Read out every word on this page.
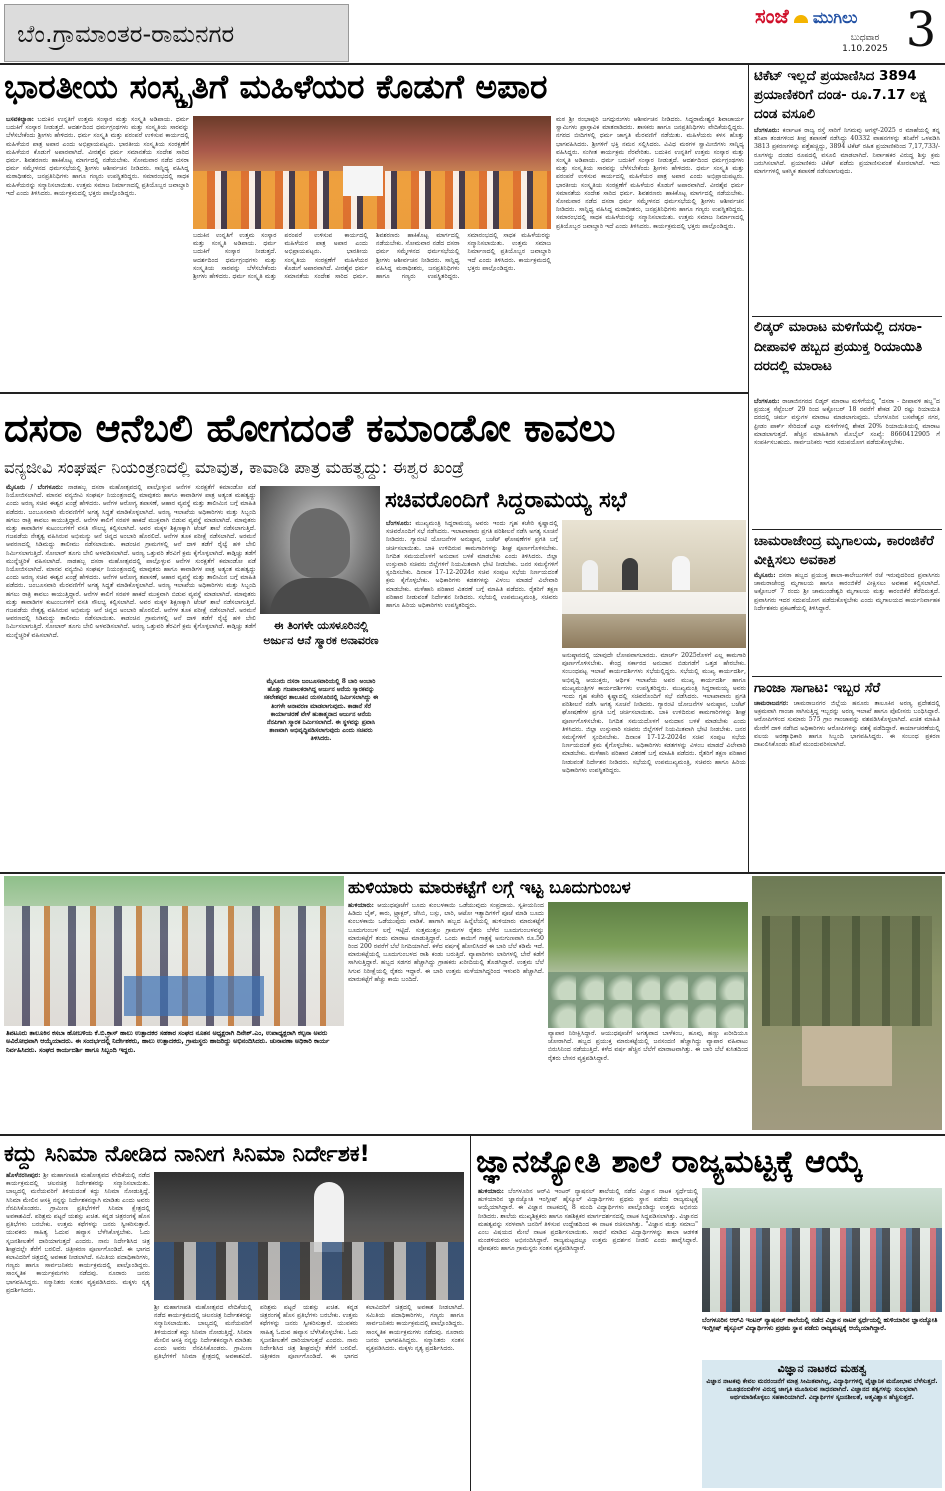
ಬೆಂ.ಗ್ರಾಮಾಂತರ-ರಾಮನಗರ
ಸಂಜೆ ಮುಗಿಲು
ಬುಧವಾರ
1.10.2025 3
ಭಾರತೀಯ ಸಂಸ್ಕೃತಿಗೆ ಮಹಿಳೆಯರ ಕೊಡುಗೆ ಅಪಾರ
ಬಸವಕಲ್ಯಾಣ: ಬದುಕಿನ ಉನ್ನತಿಗೆ ಉತ್ತಮ ಸಂಸ್ಕಾರ ಮತ್ತು ಸಂಸ್ಕೃತಿ ಅಡಿಪಾಯ. ಧರ್ಮ ಬದುಕಿಗೆ ಸಂಸ್ಕಾರ ನೀಡುತ್ತದೆ. ಆದರ್ಶದಿಂದ ಧರ್ಮಗ್ರಂಥಗಳು ಮತ್ತು ಸಂಸ್ಕೃತಿಯ ಸಾರವನ್ನು ಬೆಳೆಸಬೇಕೆಂದು ಶ್ರೀಗಳು ಹೇಳಿದರು. ಧರ್ಮ ಸಂಸ್ಕೃತಿ ಮತ್ತು ಪರಂಪರೆ ಉಳಿಸುವ ಕಾರ್ಯದಲ್ಲಿ ಮಹಿಳೆಯರ ಪಾತ್ರ ಅಪಾರ ಎಂದು ಅಭಿಪ್ರಾಯಪಟ್ಟರು. ಭಾರತೀಯ ಸಂಸ್ಕೃತಿಯ ಸಂರಕ್ಷಣೆಗೆ ಮಹಿಳೆಯರ ಕೊಡುಗೆ ಅಪಾರವಾಗಿದೆ. ವೀರಶೈವ ಧರ್ಮ ಸಮಾನತೆಯ ಸಂದೇಶ ಸಾರಿದ ಧರ್ಮ. ಶಿವಶರಣರು ಹಾಕಿಕೊಟ್ಟ ಮಾರ್ಗದಲ್ಲಿ ನಡೆಯಬೇಕು. ಸೋಮವಾರ ನಡೆದ ದಸರಾ ಧರ್ಮ ಸಮ್ಮೇಳನದ ಧರ್ಮಸಭೆಯಲ್ಲಿ ಶ್ರೀಗಳು ಆಶೀರ್ವಚನ ನೀಡಿದರು. ಸಾನ್ನಿಧ್ಯ ವಹಿಸಿದ್ದ ಮಠಾಧೀಶರು, ಜನಪ್ರತಿನಿಧಿಗಳು ಹಾಗೂ ಗಣ್ಯರು ಉಪಸ್ಥಿತರಿದ್ದರು. ಸಮಾರಂಭದಲ್ಲಿ ಸಾಧಕ ಮಹಿಳೆಯರನ್ನು ಸನ್ಮಾನಿಸಲಾಯಿತು. ಉತ್ತಮ ಸಮಾಜ ನಿರ್ಮಾಣದಲ್ಲಿ ಪ್ರತಿಯೊಬ್ಬರ ಜವಾಬ್ದಾರಿ ಇದೆ ಎಂದು ತಿಳಿಸಿದರು. ಕಾರ್ಯಕ್ರಮದಲ್ಲಿ ಭಕ್ತರು ಪಾಲ್ಗೊಂಡಿದ್ದರು.
ಬದುಕಿನ ಉನ್ನತಿಗೆ ಉತ್ತಮ ಸಂಸ್ಕಾರ ಮತ್ತು ಸಂಸ್ಕೃತಿ ಅಡಿಪಾಯ. ಧರ್ಮ ಬದುಕಿಗೆ ಸಂಸ್ಕಾರ ನೀಡುತ್ತದೆ. ಆದರ್ಶದಿಂದ ಧರ್ಮಗ್ರಂಥಗಳು ಮತ್ತು ಸಂಸ್ಕೃತಿಯ ಸಾರವನ್ನು ಬೆಳೆಸಬೇಕೆಂದು ಶ್ರೀಗಳು ಹೇಳಿದರು. ಧರ್ಮ ಸಂಸ್ಕೃತಿ ಮತ್ತು ಪರಂಪರೆ ಉಳಿಸುವ ಕಾರ್ಯದಲ್ಲಿ ಮಹಿಳೆಯರ ಪಾತ್ರ ಅಪಾರ ಎಂದು ಅಭಿಪ್ರಾಯಪಟ್ಟರು. ಭಾರತೀಯ ಸಂಸ್ಕೃತಿಯ ಸಂರಕ್ಷಣೆಗೆ ಮಹಿಳೆಯರ ಕೊಡುಗೆ ಅಪಾರವಾಗಿದೆ. ವೀರಶೈವ ಧರ್ಮ ಸಮಾನತೆಯ ಸಂದೇಶ ಸಾರಿದ ಧರ್ಮ. ಶಿವಶರಣರು ಹಾಕಿಕೊಟ್ಟ ಮಾರ್ಗದಲ್ಲಿ ನಡೆಯಬೇಕು. ಸೋಮವಾರ ನಡೆದ ದಸರಾ ಧರ್ಮ ಸಮ್ಮೇಳನದ ಧರ್ಮಸಭೆಯಲ್ಲಿ ಶ್ರೀಗಳು ಆಶೀರ್ವಚನ ನೀಡಿದರು. ಸಾನ್ನಿಧ್ಯ ವಹಿಸಿದ್ದ ಮಠಾಧೀಶರು, ಜನಪ್ರತಿನಿಧಿಗಳು ಹಾಗೂ ಗಣ್ಯರು ಉಪಸ್ಥಿತರಿದ್ದರು. ಸಮಾರಂಭದಲ್ಲಿ ಸಾಧಕ ಮಹಿಳೆಯರನ್ನು ಸನ್ಮಾನಿಸಲಾಯಿತು. ಉತ್ತಮ ಸಮಾಜ ನಿರ್ಮಾಣದಲ್ಲಿ ಪ್ರತಿಯೊಬ್ಬರ ಜವಾಬ್ದಾರಿ ಇದೆ ಎಂದು ತಿಳಿಸಿದರು. ಕಾರ್ಯಕ್ರಮದಲ್ಲಿ ಭಕ್ತರು ಪಾಲ್ಗೊಂಡಿದ್ದರು.
ಮಠ ಶ್ರೀ ರಂಭಾಪುರಿ ಜಗದ್ಗುರುಗಳು ಆಶೀರ್ವಚನ ನೀಡಿದರು. ಸಿದ್ದರಾಮೇಶ್ವರ ಶಿವಾಚಾರ್ಯ ಸ್ವಾಮಿಗಳು ಪ್ರಾಸ್ತಾವಿಕ ಮಾತನಾಡಿದರು. ಶಾಸಕರು ಹಾಗೂ ಜನಪ್ರತಿನಿಧಿಗಳು ವೇದಿಕೆಯಲ್ಲಿದ್ದರು. ನಗರದ ಬೀದಿಗಳಲ್ಲಿ ಧರ್ಮ ಜಾಗೃತಿ ಮೆರವಣಿಗೆ ನಡೆಯಿತು. ಮಹಿಳೆಯರು ಕಳಸ ಹೊತ್ತು ಭಾಗವಹಿಸಿದರು. ಶ್ರೀಗಳಿಗೆ ಭಕ್ತಿ ನಮನ ಸಲ್ಲಿಸಿದರು. ವಿವಿಧ ಮಠಗಳ ಸ್ವಾಮೀಜಿಗಳು ಸಾನ್ನಿಧ್ಯ ವಹಿಸಿದ್ದರು. ಸಂಗೀತ ಕಾರ್ಯಕ್ರಮ ನೆರವೇರಿತು. ಬದುಕಿನ ಉನ್ನತಿಗೆ ಉತ್ತಮ ಸಂಸ್ಕಾರ ಮತ್ತು ಸಂಸ್ಕೃತಿ ಅಡಿಪಾಯ. ಧರ್ಮ ಬದುಕಿಗೆ ಸಂಸ್ಕಾರ ನೀಡುತ್ತದೆ. ಆದರ್ಶದಿಂದ ಧರ್ಮಗ್ರಂಥಗಳು ಮತ್ತು ಸಂಸ್ಕೃತಿಯ ಸಾರವನ್ನು ಬೆಳೆಸಬೇಕೆಂದು ಶ್ರೀಗಳು ಹೇಳಿದರು. ಧರ್ಮ ಸಂಸ್ಕೃತಿ ಮತ್ತು ಪರಂಪರೆ ಉಳಿಸುವ ಕಾರ್ಯದಲ್ಲಿ ಮಹಿಳೆಯರ ಪಾತ್ರ ಅಪಾರ ಎಂದು ಅಭಿಪ್ರಾಯಪಟ್ಟರು. ಭಾರತೀಯ ಸಂಸ್ಕೃತಿಯ ಸಂರಕ್ಷಣೆಗೆ ಮಹಿಳೆಯರ ಕೊಡುಗೆ ಅಪಾರವಾಗಿದೆ. ವೀರಶೈವ ಧರ್ಮ ಸಮಾನತೆಯ ಸಂದೇಶ ಸಾರಿದ ಧರ್ಮ. ಶಿವಶರಣರು ಹಾಕಿಕೊಟ್ಟ ಮಾರ್ಗದಲ್ಲಿ ನಡೆಯಬೇಕು. ಸೋಮವಾರ ನಡೆದ ದಸರಾ ಧರ್ಮ ಸಮ್ಮೇಳನದ ಧರ್ಮಸಭೆಯಲ್ಲಿ ಶ್ರೀಗಳು ಆಶೀರ್ವಚನ ನೀಡಿದರು. ಸಾನ್ನಿಧ್ಯ ವಹಿಸಿದ್ದ ಮಠಾಧೀಶರು, ಜನಪ್ರತಿನಿಧಿಗಳು ಹಾಗೂ ಗಣ್ಯರು ಉಪಸ್ಥಿತರಿದ್ದರು. ಸಮಾರಂಭದಲ್ಲಿ ಸಾಧಕ ಮಹಿಳೆಯರನ್ನು ಸನ್ಮಾನಿಸಲಾಯಿತು. ಉತ್ತಮ ಸಮಾಜ ನಿರ್ಮಾಣದಲ್ಲಿ ಪ್ರತಿಯೊಬ್ಬರ ಜವಾಬ್ದಾರಿ ಇದೆ ಎಂದು ತಿಳಿಸಿದರು. ಕಾರ್ಯಕ್ರಮದಲ್ಲಿ ಭಕ್ತರು ಪಾಲ್ಗೊಂಡಿದ್ದರು.
ಟಿಕೆಟ್ ಇಲ್ಲದೆ ಪ್ರಯಾಣಿಸಿದ 3894 ಪ್ರಯಾಣಿಕರಿಗೆ ದಂಡ- ರೂ.7.17 ಲಕ್ಷ ದಂಡ ವಸೂಲಿ
ಬೆಂಗಳೂರು: ಕರ್ನಾಟಕ ರಾಜ್ಯ ರಸ್ತೆ ಸಾರಿಗೆ ನಿಗಮವು ಆಗಸ್ಟ್-2025 ರ ಮಾಹೆಯಲ್ಲಿ ತನ್ನ ತನಿಖಾ ತಂಡಗಳಿಂದ ತೀವ್ರ ತಪಾಸಣೆ ನಡೆಸಿದ್ದು 40332 ವಾಹನಗಳನ್ನು ತನಿಖೆಗೆ ಒಳಪಡಿಸಿ 3813 ಪ್ರಕರಣಗಳನ್ನು ಪತ್ತೆಹಚ್ಚಿದ್ದು, 3894 ಟಿಕೆಟ್ ರಹಿತ ಪ್ರಯಾಣಿಕರಿಂದ 7,17,733/-ರೂಗಳನ್ನು ದಂಡದ ರೂಪದಲ್ಲಿ ವಸೂಲಿ ಮಾಡಲಾಗಿದೆ. ನಿರ್ವಾಹಕರ ವಿರುದ್ಧ ಶಿಸ್ತು ಕ್ರಮ ಜರುಗಿಸಲಾಗಿದೆ. ಪ್ರಯಾಣಿಕರು ಟಿಕೆಟ್ ಪಡೆದು ಪ್ರಯಾಣಿಸುವಂತೆ ಕೋರಲಾಗಿದೆ. ಇದು ಮಾರ್ಗಗಳಲ್ಲಿ ಅಕಸ್ಮಿಕ ತಪಾಸಣೆ ನಡೆಸಲಾಗುವುದು.
ಲಿಡ್ಕರ್ ಮಾರಾಟ ಮಳಿಗೆಯಲ್ಲಿ ದಸರಾ-ದೀಪಾವಳಿ ಹಬ್ಬದ ಪ್ರಯುಕ್ತ ರಿಯಾಯಿತಿ ದರದಲ್ಲಿ ಮಾರಾಟ
ಬೆಂಗಳೂರು: ರಾಜಾಜಿನಗರದ ಲಿಡ್ಕರ್ ಮಾರಾಟ ಮಳಿಗೆಯಲ್ಲಿ "ದಸರಾ - ದೀಪಾವಳಿ ಹಬ್ಬ"ದ ಪ್ರಯುಕ್ತ ಸೆಪ್ಟೆಂಬರ್ 29 ರಿಂದ ಅಕ್ಟೋಬರ್ 18 ರವರೆಗೆ ಶೇಕಡ 20 ರಷ್ಟು ರಿಯಾಯಿತಿ ದರದಲ್ಲಿ ಚರ್ಮ ವಸ್ತುಗಳ ಮಾರಾಟ ಮಾಡಲಾಗುವುದು. ಬೆಂಗಳೂರಿನ ಬಸವೇಶ್ವರ ನಗರ, ಫ್ರೀಡಂ ಪಾರ್ಕ್ ಸೇರಿದಂತೆ ಎಲ್ಲಾ ಮಳಿಗೆಗಳಲ್ಲಿ ಶೇಕಡ 20% ರಿಯಾಯಿತಿಯಲ್ಲಿ ಮಾರಾಟ ಮಾಡಲಾಗುತ್ತದೆ. ಹೆಚ್ಚಿನ ಮಾಹಿತಿಗಾಗಿ ಮೊಬೈಲ್ ಸಂಖ್ಯೆ: 8660412905 ಗೆ ಸಂಪರ್ಕಿಸಬಹುದು. ಸಾರ್ವಜನಿಕರು ಇದರ ಸದುಪಯೋಗ ಪಡೆದುಕೊಳ್ಳಬೇಕು.
ಚಾಮರಾಜೇಂದ್ರ ಮೃಗಾಲಯ, ಕಾರಂಜಿಕೆರೆ ವೀಕ್ಷಿಸಲು ಅವಕಾಶ
ಮೈಸೂರು: ದಸರಾ ಹಬ್ಬದ ಪ್ರಯುಕ್ತ ಶಾಲಾ-ಕಾಲೇಜುಗಳಿಗೆ ರಜೆ ಇರುವುದರಿಂದ ಪ್ರವಾಸಿಗರು ಚಾಮರಾಜೇಂದ್ರ ಮೃಗಾಲಯ ಹಾಗೂ ಕಾರಂಜಿಕೆರೆ ವೀಕ್ಷಿಸಲು ಅವಕಾಶ ಕಲ್ಪಿಸಲಾಗಿದೆ. ಅಕ್ಟೋಬರ್ 7 ರಂದು ಶ್ರೀ ಚಾಮುಂಡೇಶ್ವರಿ ಮೃಗಾಲಯ ಮತ್ತು ಕಾರಂಜಿಕೆರೆ ತೆರೆದಿರುತ್ತದೆ. ಪ್ರವಾಸಿಗರು ಇದರ ಸದುಪಯೋಗ ಪಡೆದುಕೊಳ್ಳಬೇಕು ಎಂದು ಮೃಗಾಲಯದ ಕಾರ್ಯನಿರ್ವಾಹಕ ನಿರ್ದೇಶಕರು ಪ್ರಕಟಣೆಯಲ್ಲಿ ತಿಳಿಸಿದ್ದಾರೆ.
ಗಾಂಜಾ ಸಾಗಾಟ: ಇಬ್ಬರ ಸೆರೆ
ಚಾಮರಾಜನಗರ: ಚಾಮರಾಜನಗರ ಜಿಲ್ಲೆಯ ಹನೂರು ತಾಲೂಕಿನ ಅರಣ್ಯ ಪ್ರದೇಶದಲ್ಲಿ ಅಕ್ರಮವಾಗಿ ಗಾಂಜಾ ಸಾಗಿಸುತ್ತಿದ್ದ ಇಬ್ಬರನ್ನು ಅರಣ್ಯ ಇಲಾಖೆ ಹಾಗೂ ಪೊಲೀಸರು ಬಂಧಿಸಿದ್ದಾರೆ. ಆರೋಪಿಗಳಿಂದ ಸುಮಾರು 575 ಗ್ರಾಂ ಗಾಂಜಾವನ್ನು ವಶಪಡಿಸಿಕೊಳ್ಳಲಾಗಿದೆ. ಖಚಿತ ಮಾಹಿತಿ ಮೇರೆಗೆ ದಾಳಿ ನಡೆಸಿದ ಅಧಿಕಾರಿಗಳು ಆರೋಪಿಗಳನ್ನು ವಶಕ್ಕೆ ಪಡೆದಿದ್ದಾರೆ. ಕಾರ್ಯಾಚರಣೆಯಲ್ಲಿ ವಲಯ ಅರಣ್ಯಾಧಿಕಾರಿ ಹಾಗೂ ಸಿಬ್ಬಂದಿ ಭಾಗವಹಿಸಿದ್ದರು. ಈ ಸಂಬಂಧ ಪ್ರಕರಣ ದಾಖಲಿಸಿಕೊಂಡು ತನಿಖೆ ಮುಂದುವರಿಸಲಾಗಿದೆ.
ದಸರಾ ಆನೆಬಲಿ ಹೋಗದಂತೆ ಕಮಾಂಡೋ ಕಾವಲು
ವನ್ಯಜೀವಿ ಸಂಘರ್ಷ ನಿಯಂತ್ರಣದಲ್ಲಿ ಮಾವುತ, ಕಾವಾಡಿ ಪಾತ್ರ ಮಹತ್ವದ್ದು: ಈಶ್ವರ ಖಂಡ್ರೆ
ಮೈಸೂರು / ಬೆಂಗಳೂರು: ನಾಡಹಬ್ಬ ದಸರಾ ಮಹೋತ್ಸವದಲ್ಲಿ ಪಾಲ್ಗೊಳ್ಳುವ ಆನೆಗಳ ಸುರಕ್ಷತೆಗೆ ಕಮಾಂಡೋ ಪಡೆ ನಿಯೋಜಿಸಲಾಗಿದೆ. ಮಾನವ ವನ್ಯಜೀವಿ ಸಂಘರ್ಷ ನಿಯಂತ್ರಣದಲ್ಲಿ ಮಾವುತರು ಹಾಗೂ ಕಾವಾಡಿಗಳ ಪಾತ್ರ ಅತ್ಯಂತ ಮಹತ್ವದ್ದು ಎಂದು ಅರಣ್ಯ ಸಚಿವ ಈಶ್ವರ ಖಂಡ್ರೆ ಹೇಳಿದರು. ಆನೆಗಳ ಆರೋಗ್ಯ ತಪಾಸಣೆ, ಆಹಾರ ವ್ಯವಸ್ಥೆ ಮತ್ತು ತಾಲೀಮಿನ ಬಗ್ಗೆ ಮಾಹಿತಿ ಪಡೆದರು. ಜಂಬೂಸವಾರಿ ಮೆರವಣಿಗೆಗೆ ಅಗತ್ಯ ಸಿದ್ಧತೆ ಮಾಡಿಕೊಳ್ಳಲಾಗಿದೆ. ಅರಣ್ಯ ಇಲಾಖೆಯ ಅಧಿಕಾರಿಗಳು ಮತ್ತು ಸಿಬ್ಬಂದಿ ಹಗಲು ರಾತ್ರಿ ಕಾವಲು ಕಾಯುತ್ತಿದ್ದಾರೆ. ಆನೆಗಳ ಕಾಲಿಗೆ ಸರಪಳಿ ಹಾಕದೆ ಮುಕ್ತವಾಗಿ ಬಿಡುವ ವ್ಯವಸ್ಥೆ ಮಾಡಲಾಗಿದೆ. ಮಾವುತರು ಮತ್ತು ಕಾವಾಡಿಗಳ ಕುಟುಂಬಗಳಿಗೆ ವಸತಿ ಸೌಲಭ್ಯ ಕಲ್ಪಿಸಲಾಗಿದೆ. ಅವರ ಮಕ್ಕಳ ಶಿಕ್ಷಣಕ್ಕಾಗಿ ಟೆಂಟ್ ಶಾಲೆ ನಡೆಸಲಾಗುತ್ತಿದೆ. ಗಜಪಡೆಯ ನೇತೃತ್ವ ವಹಿಸಿರುವ ಅಭಿಮನ್ಯು ಆನೆ ಚಿನ್ನದ ಅಂಬಾರಿ ಹೊರಲಿದೆ. ಆನೆಗಳ ತೂಕ ಪರೀಕ್ಷೆ ನಡೆಸಲಾಗಿದೆ. ಅರಮನೆ ಆವರಣದಲ್ಲಿ ಸಿಡಿಮದ್ದು ತಾಲೀಮು ನಡೆಸಲಾಯಿತು. ಕಾಡಂಚಿನ ಗ್ರಾಮಗಳಲ್ಲಿ ಆನೆ ದಾಳಿ ತಡೆಗೆ ರೈಲ್ವೆ ಹಳಿ ಬೇಲಿ ನಿರ್ಮಿಸಲಾಗುತ್ತಿದೆ. ಸೋಲಾರ್ ತೂಗು ಬೇಲಿ ಅಳವಡಿಸಲಾಗಿದೆ. ಅರಣ್ಯ ಒತ್ತುವರಿ ತೆರವಿಗೆ ಕ್ರಮ ಕೈಗೊಳ್ಳಲಾಗಿದೆ. ಕಾಡ್ಗಿಚ್ಚು ತಡೆಗೆ ಮುನ್ನೆಚ್ಚರಿಕೆ ವಹಿಸಲಾಗಿದೆ. ನಾಡಹಬ್ಬ ದಸರಾ ಮಹೋತ್ಸವದಲ್ಲಿ ಪಾಲ್ಗೊಳ್ಳುವ ಆನೆಗಳ ಸುರಕ್ಷತೆಗೆ ಕಮಾಂಡೋ ಪಡೆ ನಿಯೋಜಿಸಲಾಗಿದೆ. ಮಾನವ ವನ್ಯಜೀವಿ ಸಂಘರ್ಷ ನಿಯಂತ್ರಣದಲ್ಲಿ ಮಾವುತರು ಹಾಗೂ ಕಾವಾಡಿಗಳ ಪಾತ್ರ ಅತ್ಯಂತ ಮಹತ್ವದ್ದು ಎಂದು ಅರಣ್ಯ ಸಚಿವ ಈಶ್ವರ ಖಂಡ್ರೆ ಹೇಳಿದರು. ಆನೆಗಳ ಆರೋಗ್ಯ ತಪಾಸಣೆ, ಆಹಾರ ವ್ಯವಸ್ಥೆ ಮತ್ತು ತಾಲೀಮಿನ ಬಗ್ಗೆ ಮಾಹಿತಿ ಪಡೆದರು. ಜಂಬೂಸವಾರಿ ಮೆರವಣಿಗೆಗೆ ಅಗತ್ಯ ಸಿದ್ಧತೆ ಮಾಡಿಕೊಳ್ಳಲಾಗಿದೆ. ಅರಣ್ಯ ಇಲಾಖೆಯ ಅಧಿಕಾರಿಗಳು ಮತ್ತು ಸಿಬ್ಬಂದಿ ಹಗಲು ರಾತ್ರಿ ಕಾವಲು ಕಾಯುತ್ತಿದ್ದಾರೆ. ಆನೆಗಳ ಕಾಲಿಗೆ ಸರಪಳಿ ಹಾಕದೆ ಮುಕ್ತವಾಗಿ ಬಿಡುವ ವ್ಯವಸ್ಥೆ ಮಾಡಲಾಗಿದೆ. ಮಾವುತರು ಮತ್ತು ಕಾವಾಡಿಗಳ ಕುಟುಂಬಗಳಿಗೆ ವಸತಿ ಸೌಲಭ್ಯ ಕಲ್ಪಿಸಲಾಗಿದೆ. ಅವರ ಮಕ್ಕಳ ಶಿಕ್ಷಣಕ್ಕಾಗಿ ಟೆಂಟ್ ಶಾಲೆ ನಡೆಸಲಾಗುತ್ತಿದೆ. ಗಜಪಡೆಯ ನೇತೃತ್ವ ವಹಿಸಿರುವ ಅಭಿಮನ್ಯು ಆನೆ ಚಿನ್ನದ ಅಂಬಾರಿ ಹೊರಲಿದೆ. ಆನೆಗಳ ತೂಕ ಪರೀಕ್ಷೆ ನಡೆಸಲಾಗಿದೆ. ಅರಮನೆ ಆವರಣದಲ್ಲಿ ಸಿಡಿಮದ್ದು ತಾಲೀಮು ನಡೆಸಲಾಯಿತು. ಕಾಡಂಚಿನ ಗ್ರಾಮಗಳಲ್ಲಿ ಆನೆ ದಾಳಿ ತಡೆಗೆ ರೈಲ್ವೆ ಹಳಿ ಬೇಲಿ ನಿರ್ಮಿಸಲಾಗುತ್ತಿದೆ. ಸೋಲಾರ್ ತೂಗು ಬೇಲಿ ಅಳವಡಿಸಲಾಗಿದೆ. ಅರಣ್ಯ ಒತ್ತುವರಿ ತೆರವಿಗೆ ಕ್ರಮ ಕೈಗೊಳ್ಳಲಾಗಿದೆ. ಕಾಡ್ಗಿಚ್ಚು ತಡೆಗೆ ಮುನ್ನೆಚ್ಚರಿಕೆ ವಹಿಸಲಾಗಿದೆ.
ಈ ತಿಂಗಳೇ ಯಸಳೂರಿನಲ್ಲಿ ಅರ್ಜುನ ಆನೆ ಸ್ಮಾರಕ ಅನಾವರಣ
ಮೈಸೂರು ದಸರಾ ಜಂಬೂಸವಾರಿಯಲ್ಲಿ 8 ಬಾರಿ ಅಂಬಾರಿ ಹೊತ್ತು ಗಜಪಾಲಕರಾಗಿದ್ದ ಅರ್ಜುನ ಆನೆಯ ಸ್ಮಾರಕವನ್ನು ಸಕಲೇಶಪುರ ತಾಲೂಕಿನ ಯಸಳೂರಿನಲ್ಲಿ ನಿರ್ಮಿಸಲಾಗಿದ್ದು ಈ ತಿಂಗಳೇ ಅನಾವರಣ ಮಾಡಲಾಗುವುದು. ಕಾಡಾನೆ ಸೆರೆ ಕಾರ್ಯಾಚರಣೆ ವೇಳೆ ಹುತಾತ್ಮನಾದ ಅರ್ಜುನ ಆನೆಯ ನೆನಪಿಗಾಗಿ ಸ್ಮಾರಕ ನಿರ್ಮಿಸಲಾಗಿದೆ. ಈ ಸ್ಥಳವನ್ನು ಪ್ರವಾಸಿ ತಾಣವಾಗಿ ಅಭಿವೃದ್ಧಿಪಡಿಸಲಾಗುವುದು ಎಂದು ಸಚಿವರು ತಿಳಿಸಿದರು.
ಸಚಿವರೊಂದಿಗೆ ಸಿದ್ದರಾಮಯ್ಯ ಸಭೆ
ಬೆಂಗಳೂರು: ಮುಖ್ಯಮಂತ್ರಿ ಸಿದ್ದರಾಮಯ್ಯ ಅವರು ಇಂದು ಗೃಹ ಕಚೇರಿ ಕೃಷ್ಣಾದಲ್ಲಿ ಸಚಿವರೊಂದಿಗೆ ಸಭೆ ನಡೆಸಿದರು. ಇಲಾಖಾವಾರು ಪ್ರಗತಿ ಪರಿಶೀಲನೆ ನಡೆಸಿ ಅಗತ್ಯ ಸೂಚನೆ ನೀಡಿದರು. ಗ್ಯಾರಂಟಿ ಯೋಜನೆಗಳ ಅನುಷ್ಠಾನ, ಬಜೆಟ್ ಘೋಷಣೆಗಳ ಪ್ರಗತಿ ಬಗ್ಗೆ ಚರ್ಚಿಸಲಾಯಿತು. ಬಾಕಿ ಉಳಿದಿರುವ ಕಾಮಗಾರಿಗಳನ್ನು ಶೀಘ್ರ ಪೂರ್ಣಗೊಳಿಸಬೇಕು. ನಿಗದಿತ ಸಮಯದೊಳಗೆ ಅನುದಾನ ಬಳಕೆ ಮಾಡಬೇಕು ಎಂದು ತಿಳಿಸಿದರು. ಜಿಲ್ಲಾ ಉಸ್ತುವಾರಿ ಸಚಿವರು ಜಿಲ್ಲೆಗಳಿಗೆ ನಿಯಮಿತವಾಗಿ ಭೇಟಿ ನೀಡಬೇಕು. ಜನರ ಸಮಸ್ಯೆಗಳಿಗೆ ಸ್ಪಂದಿಸಬೇಕು. ದಿನಾಂಕ 17-12-2024ರ ಸಚಿವ ಸಂಪುಟ ಸಭೆಯ ನಿರ್ಣಯದಂತೆ ಕ್ರಮ ಕೈಗೊಳ್ಳಬೇಕು. ಅಧಿಕಾರಿಗಳು ಕಡತಗಳನ್ನು ವಿಳಂಬ ಮಾಡದೆ ವಿಲೇವಾರಿ ಮಾಡಬೇಕು. ಮಳೆಹಾನಿ ಪರಿಹಾರ ವಿತರಣೆ ಬಗ್ಗೆ ಮಾಹಿತಿ ಪಡೆದರು. ರೈತರಿಗೆ ತಕ್ಷಣ ಪರಿಹಾರ ನೀಡುವಂತೆ ನಿರ್ದೇಶನ ನೀಡಿದರು. ಸಭೆಯಲ್ಲಿ ಉಪಮುಖ್ಯಮಂತ್ರಿ, ಸಚಿವರು ಹಾಗೂ ಹಿರಿಯ ಅಧಿಕಾರಿಗಳು ಉಪಸ್ಥಿತರಿದ್ದರು.
ಅನುಷ್ಠಾನದಲ್ಲಿ ಯಾವುದೇ ಲೋಪವಾಗಬಾರದು. ಮಾರ್ಚ್ 2025ರೊಳಗೆ ಎಲ್ಲ ಕಾಮಗಾರಿ ಪೂರ್ಣಗೊಳಿಸಬೇಕು. ಕೇಂದ್ರ ಸರ್ಕಾರದ ಅನುದಾನ ಬಿಡುಗಡೆಗೆ ಒತ್ತಡ ಹೇರಬೇಕು. ಸಂಬಂಧಪಟ್ಟ ಇಲಾಖೆ ಕಾರ್ಯದರ್ಶಿಗಳು ಸಭೆಯಲ್ಲಿದ್ದರು. ಸಭೆಯಲ್ಲಿ ಮುಖ್ಯ ಕಾರ್ಯದರ್ಶಿ, ಅಭಿವೃದ್ಧಿ ಆಯುಕ್ತರು, ಆರ್ಥಿಕ ಇಲಾಖೆಯ ಅಪರ ಮುಖ್ಯ ಕಾರ್ಯದರ್ಶಿ ಹಾಗೂ ಮುಖ್ಯಮಂತ್ರಿಗಳ ಕಾರ್ಯದರ್ಶಿಗಳು ಉಪಸ್ಥಿತರಿದ್ದರು. ಮುಖ್ಯಮಂತ್ರಿ ಸಿದ್ದರಾಮಯ್ಯ ಅವರು ಇಂದು ಗೃಹ ಕಚೇರಿ ಕೃಷ್ಣಾದಲ್ಲಿ ಸಚಿವರೊಂದಿಗೆ ಸಭೆ ನಡೆಸಿದರು. ಇಲಾಖಾವಾರು ಪ್ರಗತಿ ಪರಿಶೀಲನೆ ನಡೆಸಿ ಅಗತ್ಯ ಸೂಚನೆ ನೀಡಿದರು. ಗ್ಯಾರಂಟಿ ಯೋಜನೆಗಳ ಅನುಷ್ಠಾನ, ಬಜೆಟ್ ಘೋಷಣೆಗಳ ಪ್ರಗತಿ ಬಗ್ಗೆ ಚರ್ಚಿಸಲಾಯಿತು. ಬಾಕಿ ಉಳಿದಿರುವ ಕಾಮಗಾರಿಗಳನ್ನು ಶೀಘ್ರ ಪೂರ್ಣಗೊಳಿಸಬೇಕು. ನಿಗದಿತ ಸಮಯದೊಳಗೆ ಅನುದಾನ ಬಳಕೆ ಮಾಡಬೇಕು ಎಂದು ತಿಳಿಸಿದರು. ಜಿಲ್ಲಾ ಉಸ್ತುವಾರಿ ಸಚಿವರು ಜಿಲ್ಲೆಗಳಿಗೆ ನಿಯಮಿತವಾಗಿ ಭೇಟಿ ನೀಡಬೇಕು. ಜನರ ಸಮಸ್ಯೆಗಳಿಗೆ ಸ್ಪಂದಿಸಬೇಕು. ದಿನಾಂಕ 17-12-2024ರ ಸಚಿವ ಸಂಪುಟ ಸಭೆಯ ನಿರ್ಣಯದಂತೆ ಕ್ರಮ ಕೈಗೊಳ್ಳಬೇಕು. ಅಧಿಕಾರಿಗಳು ಕಡತಗಳನ್ನು ವಿಳಂಬ ಮಾಡದೆ ವಿಲೇವಾರಿ ಮಾಡಬೇಕು. ಮಳೆಹಾನಿ ಪರಿಹಾರ ವಿತರಣೆ ಬಗ್ಗೆ ಮಾಹಿತಿ ಪಡೆದರು. ರೈತರಿಗೆ ತಕ್ಷಣ ಪರಿಹಾರ ನೀಡುವಂತೆ ನಿರ್ದೇಶನ ನೀಡಿದರು. ಸಭೆಯಲ್ಲಿ ಉಪಮುಖ್ಯಮಂತ್ರಿ, ಸಚಿವರು ಹಾಗೂ ಹಿರಿಯ ಅಧಿಕಾರಿಗಳು ಉಪಸ್ಥಿತರಿದ್ದರು.
ತಿಪಟೂರು ತಾಲೂಕಿನ ಕಸಬಾ ಹೋಬಳಿಯ ಕೆ.ಬಿ.ಕ್ರಾಸ್ ಹಾಲು ಉತ್ಪಾದಕರ ಸಹಕಾರ ಸಂಘದ ನೂತನ ಅಧ್ಯಕ್ಷರಾಗಿ ದಿನೇಶ್.ಎಂ, ಉಪಾಧ್ಯಕ್ಷರಾಗಿ ಕಲ್ಪನಾ ಅವರು ಅವಿರೋಧವಾಗಿ ಆಯ್ಕೆಯಾದರು. ಈ ಸಂದರ್ಭದಲ್ಲಿ ನಿರ್ದೇಶಕರು, ಹಾಲು ಉತ್ಪಾದಕರು, ಗ್ರಾಮಸ್ಥರು ಹಾಜರಿದ್ದು ಅಭಿನಂದಿಸಿದರು. ಚುನಾವಣಾ ಅಧಿಕಾರಿ ಕಾರ್ಯ ನಿರ್ವಹಿಸಿದರು. ಸಂಘದ ಕಾರ್ಯದರ್ಶಿ ಹಾಗೂ ಸಿಬ್ಬಂದಿ ಇದ್ದರು.
ಹುಳಿಯಾರು ಮಾರುಕಟ್ಟೆಗೆ ಲಗ್ಗೆ ಇಟ್ಟ ಬೂದುಗುಂಬಳ
ಹುಳಿಯಾರು: ಆಯುಧಪೂಜೆಗೆ ಬೂದು ಕುಂಬಳಕಾಯಿ ಒಡೆಯುವುದು ಸಂಪ್ರದಾಯ. ಸ್ವಕೀಯನಿಂದ ಹಿಡಿದು ಬೈಕ್, ಕಾರು, ಟ್ರ್ಯಾಕ್ಟರ್, ಜೆಸಿಬಿ, ಬಸ್ಸು, ಲಾರಿ, ಆಟೋ ಇತ್ಯಾದಿಗಳಿಗೆ ಪೂಜೆ ಮಾಡಿ ಬೂದು ಕುಂಬಳಕಾಯಿ ಒಡೆಯುವುದು ವಾಡಿಕೆ. ಹಾಗಾಗಿ ಹಬ್ಬದ ಹಿನ್ನೆಲೆಯಲ್ಲಿ ಹುಳಿಯಾರು ಮಾರುಕಟ್ಟೆಗೆ ಬೂದುಗುಂಬಳ ಲಗ್ಗೆ ಇಟ್ಟಿದೆ. ಸುತ್ತಮುತ್ತಲ ಗ್ರಾಮಗಳ ರೈತರು ಬೆಳೆದ ಬೂದುಗುಂಬಳವನ್ನು ಮಾರುಕಟ್ಟೆಗೆ ತಂದು ಮಾರಾಟ ಮಾಡುತ್ತಿದ್ದಾರೆ. ಒಂದು ಕಾಯಿಗೆ ಗಾತ್ರಕ್ಕೆ ಅನುಗುಣವಾಗಿ ರೂ.50 ರಿಂದ 200 ರವರೆಗೆ ಬೆಲೆ ನಿಗದಿಯಾಗಿದೆ. ಕಳೆದ ವರ್ಷಕ್ಕೆ ಹೋಲಿಸಿದರೆ ಈ ಬಾರಿ ಬೆಲೆ ಕಡಿಮೆ ಇದೆ. ಮಾರುಕಟ್ಟೆಯಲ್ಲಿ ಬೂದುಗುಂಬಳದ ರಾಶಿ ಕಂಡು ಬರುತ್ತಿದೆ. ವ್ಯಾಪಾರಿಗಳು ಲಾರಿಗಳಲ್ಲಿ ಬೇರೆ ಕಡೆಗೆ ಸಾಗಿಸುತ್ತಿದ್ದಾರೆ. ಹಬ್ಬದ ಸಡಗರ ಹೆಚ್ಚಾಗಿದ್ದು ಗ್ರಾಹಕರು ಖರೀದಿಯಲ್ಲಿ ತೊಡಗಿದ್ದಾರೆ. ಉತ್ತಮ ಬೆಲೆ ಸಿಗುವ ನಿರೀಕ್ಷೆಯಲ್ಲಿ ರೈತರು ಇದ್ದಾರೆ. ಈ ಬಾರಿ ಉತ್ತಮ ಮಳೆಯಾಗಿದ್ದರಿಂದ ಇಳುವರಿ ಹೆಚ್ಚಾಗಿದೆ. ಮಾರುಕಟ್ಟೆಗೆ ಹೆಚ್ಚು ಕಾಯಿ ಬಂದಿದೆ.
ವ್ಯಾಪಾರ ನಿರೀಕ್ಷಿಸಿದ್ದಾರೆ. ಆಯುಧಪೂಜೆಗೆ ಅಗತ್ಯವಾದ ಬಾಳೆಕಂಬ, ಹೂವು, ಹಣ್ಣು ಖರೀದಿಯೂ ಜೋರಾಗಿದೆ. ಹಬ್ಬದ ಪ್ರಯುಕ್ತ ಮಾರುಕಟ್ಟೆಯಲ್ಲಿ ಜನಸಂದಣಿ ಹೆಚ್ಚಾಗಿದ್ದು ವ್ಯಾಪಾರ ವಹಿವಾಟು ಬಿರುಸಿನಿಂದ ನಡೆಯುತ್ತಿದೆ. ಕಳೆದ ವರ್ಷ ಹೆಚ್ಚಿನ ಬೆಲೆಗೆ ಮಾರಾಟವಾಗಿತ್ತು. ಈ ಬಾರಿ ಬೆಲೆ ಕುಸಿತದಿಂದ ರೈತರು ಬೇಸರ ವ್ಯಕ್ತಪಡಿಸಿದ್ದಾರೆ.
ಕದ್ದು ಸಿನಿಮಾ ನೋಡಿದ ನಾನೀಗ ಸಿನಿಮಾ ನಿರ್ದೇಶಕ!
ಹೊಳೆನರಸೀಪುರ: ಶ್ರೀ ಮಹಾಗಣಪತಿ ಮಹೋತ್ಸವದ ವೇದಿಕೆಯಲ್ಲಿ ನಡೆದ ಕಾರ್ಯಕ್ರಮದಲ್ಲಿ ಚಲನಚಿತ್ರ ನಿರ್ದೇಶಕರನ್ನು ಸನ್ಮಾನಿಸಲಾಯಿತು. ಬಾಲ್ಯದಲ್ಲಿ ಮನೆಯವರಿಗೆ ತಿಳಿಯದಂತೆ ಕದ್ದು ಸಿನಿಮಾ ನೋಡುತ್ತಿದ್ದೆ. ಸಿನಿಮಾ ಮೇಲಿನ ಆಸಕ್ತಿ ನನ್ನನ್ನು ನಿರ್ದೇಶಕನನ್ನಾಗಿ ಮಾಡಿತು ಎಂದು ಅವರು ನೆನಪಿಸಿಕೊಂಡರು. ಗ್ರಾಮೀಣ ಪ್ರತಿಭೆಗಳಿಗೆ ಸಿನಿಮಾ ಕ್ಷೇತ್ರದಲ್ಲಿ ಅವಕಾಶವಿದೆ. ಪರಿಶ್ರಮ ಪಟ್ಟರೆ ಯಶಸ್ಸು ಖಚಿತ. ಕನ್ನಡ ಚಿತ್ರರಂಗಕ್ಕೆ ಹೊಸ ಪ್ರತಿಭೆಗಳು ಬರಬೇಕು. ಉತ್ತಮ ಕಥೆಗಳನ್ನು ಜನರು ಸ್ವೀಕರಿಸುತ್ತಾರೆ. ಯುವಕರು ಸಾಹಿತ್ಯ ಓದುವ ಹವ್ಯಾಸ ಬೆಳೆಸಿಕೊಳ್ಳಬೇಕು. ಓದು ಸೃಜನಶೀಲತೆಗೆ ದಾರಿಯಾಗುತ್ತದೆ ಎಂದರು. ನಾನು ನಿರ್ದೇಶಿಸಿದ ಚಿತ್ರ ಶೀಘ್ರದಲ್ಲೇ ತೆರೆಗೆ ಬರಲಿದೆ. ಚಿತ್ರೀಕರಣ ಪೂರ್ಣಗೊಂಡಿದೆ. ಈ ಭಾಗದ ಕಲಾವಿದರಿಗೆ ಚಿತ್ರದಲ್ಲಿ ಅವಕಾಶ ನೀಡಲಾಗಿದೆ. ಸಮಿತಿಯ ಪದಾಧಿಕಾರಿಗಳು, ಗಣ್ಯರು ಹಾಗೂ ಸಾರ್ವಜನಿಕರು ಕಾರ್ಯಕ್ರಮದಲ್ಲಿ ಪಾಲ್ಗೊಂಡಿದ್ದರು. ಸಾಂಸ್ಕೃತಿಕ ಕಾರ್ಯಕ್ರಮಗಳು ನಡೆದವು. ನೂರಾರು ಜನರು ಭಾಗವಹಿಸಿದ್ದರು. ಸನ್ಮಾನಿತರು ಸಂತಸ ವ್ಯಕ್ತಪಡಿಸಿದರು. ಮಕ್ಕಳು ನೃತ್ಯ ಪ್ರದರ್ಶಿಸಿದರು.
ಶ್ರೀ ಮಹಾಗಣಪತಿ ಮಹೋತ್ಸವದ ವೇದಿಕೆಯಲ್ಲಿ ನಡೆದ ಕಾರ್ಯಕ್ರಮದಲ್ಲಿ ಚಲನಚಿತ್ರ ನಿರ್ದೇಶಕರನ್ನು ಸನ್ಮಾನಿಸಲಾಯಿತು. ಬಾಲ್ಯದಲ್ಲಿ ಮನೆಯವರಿಗೆ ತಿಳಿಯದಂತೆ ಕದ್ದು ಸಿನಿಮಾ ನೋಡುತ್ತಿದ್ದೆ. ಸಿನಿಮಾ ಮೇಲಿನ ಆಸಕ್ತಿ ನನ್ನನ್ನು ನಿರ್ದೇಶಕನನ್ನಾಗಿ ಮಾಡಿತು ಎಂದು ಅವರು ನೆನಪಿಸಿಕೊಂಡರು. ಗ್ರಾಮೀಣ ಪ್ರತಿಭೆಗಳಿಗೆ ಸಿನಿಮಾ ಕ್ಷೇತ್ರದಲ್ಲಿ ಅವಕಾಶವಿದೆ. ಪರಿಶ್ರಮ ಪಟ್ಟರೆ ಯಶಸ್ಸು ಖಚಿತ. ಕನ್ನಡ ಚಿತ್ರರಂಗಕ್ಕೆ ಹೊಸ ಪ್ರತಿಭೆಗಳು ಬರಬೇಕು. ಉತ್ತಮ ಕಥೆಗಳನ್ನು ಜನರು ಸ್ವೀಕರಿಸುತ್ತಾರೆ. ಯುವಕರು ಸಾಹಿತ್ಯ ಓದುವ ಹವ್ಯಾಸ ಬೆಳೆಸಿಕೊಳ್ಳಬೇಕು. ಓದು ಸೃಜನಶೀಲತೆಗೆ ದಾರಿಯಾಗುತ್ತದೆ ಎಂದರು. ನಾನು ನಿರ್ದೇಶಿಸಿದ ಚಿತ್ರ ಶೀಘ್ರದಲ್ಲೇ ತೆರೆಗೆ ಬರಲಿದೆ. ಚಿತ್ರೀಕರಣ ಪೂರ್ಣಗೊಂಡಿದೆ. ಈ ಭಾಗದ ಕಲಾವಿದರಿಗೆ ಚಿತ್ರದಲ್ಲಿ ಅವಕಾಶ ನೀಡಲಾಗಿದೆ. ಸಮಿತಿಯ ಪದಾಧಿಕಾರಿಗಳು, ಗಣ್ಯರು ಹಾಗೂ ಸಾರ್ವಜನಿಕರು ಕಾರ್ಯಕ್ರಮದಲ್ಲಿ ಪಾಲ್ಗೊಂಡಿದ್ದರು. ಸಾಂಸ್ಕೃತಿಕ ಕಾರ್ಯಕ್ರಮಗಳು ನಡೆದವು. ನೂರಾರು ಜನರು ಭಾಗವಹಿಸಿದ್ದರು. ಸನ್ಮಾನಿತರು ಸಂತಸ ವ್ಯಕ್ತಪಡಿಸಿದರು. ಮಕ್ಕಳು ನೃತ್ಯ ಪ್ರದರ್ಶಿಸಿದರು.
ಜ್ಞಾನಜ್ಯೋತಿ ಶಾಲೆ ರಾಜ್ಯಮಟ್ಟಕ್ಕೆ ಆಯ್ಕೆ
ಹುಳಿಯಾರು: ಬೆಂಗಳೂರಿನ ಆರ್‌ವಿ ಇಂಟರ್ ನ್ಯಾಷನಲ್ ಶಾಲೆಯಲ್ಲಿ ನಡೆದ ವಿಜ್ಞಾನ ನಾಟಕ ಸ್ಪರ್ಧೆಯಲ್ಲಿ ಹುಳಿಯಾರಿನ ಜ್ಞಾನಜ್ಯೋತಿ ಇಂಗ್ಲೀಷ್ ಹೈಸ್ಕೂಲ್ ವಿದ್ಯಾರ್ಥಿಗಳು ಪ್ರಥಮ ಸ್ಥಾನ ಪಡೆದು ರಾಜ್ಯಮಟ್ಟಕ್ಕೆ ಆಯ್ಕೆಯಾಗಿದ್ದಾರೆ. ಈ ವಿಜ್ಞಾನ ನಾಟಕದಲ್ಲಿ 8 ಮಂದಿ ವಿದ್ಯಾರ್ಥಿಗಳು ಪಾಲ್ಗೊಂಡಿದ್ದು ಉತ್ತಮ ಅಭಿನಯ ನೀಡಿದರು. ಶಾಲೆಯ ಮುಖ್ಯಶಿಕ್ಷಕರು ಹಾಗೂ ಸಹಶಿಕ್ಷಕರ ಮಾರ್ಗದರ್ಶನದಲ್ಲಿ ನಾಟಕ ಸಿದ್ಧಪಡಿಸಲಾಗಿತ್ತು. ವಿಜ್ಞಾನದ ಮಹತ್ವವನ್ನು ಸರಳವಾಗಿ ಜನರಿಗೆ ತಿಳಿಸುವ ಉದ್ದೇಶದಿಂದ ಈ ನಾಟಕ ರಚಿಸಲಾಗಿತ್ತು. "ವಿಜ್ಞಾನ ಮತ್ತು ಸಮಾಜ" ಎಂಬ ವಿಷಯದ ಮೇಲೆ ನಾಟಕ ಪ್ರದರ್ಶಿಸಲಾಯಿತು. ಸಾಧನೆ ಮಾಡಿದ ವಿದ್ಯಾರ್ಥಿಗಳನ್ನು ಶಾಲಾ ಆಡಳಿತ ಮಂಡಳಿಯವರು ಅಭಿನಂದಿಸಿದ್ದಾರೆ. ರಾಜ್ಯಮಟ್ಟದಲ್ಲೂ ಉತ್ತಮ ಪ್ರದರ್ಶನ ನೀಡಲಿ ಎಂದು ಹಾರೈಸಿದ್ದಾರೆ. ಪೋಷಕರು ಹಾಗೂ ಗ್ರಾಮಸ್ಥರು ಸಂತಸ ವ್ಯಕ್ತಪಡಿಸಿದ್ದಾರೆ.
ಬೆಂಗಳೂರಿನ ಆರ್‌ವಿ ಇಂಟರ್ ನ್ಯಾಷನಲ್ ಶಾಲೆಯಲ್ಲಿ ನಡೆದ ವಿಜ್ಞಾನ ನಾಟಕ ಸ್ಪರ್ಧೆಯಲ್ಲಿ ಹುಳಿಯಾರಿನ ಜ್ಞಾನಜ್ಯೋತಿ ಇಂಗ್ಲೀಷ್ ಹೈಸ್ಕೂಲ್ ವಿದ್ಯಾರ್ಥಿಗಳು ಪ್ರಥಮ ಸ್ಥಾನ ಪಡೆದು ರಾಜ್ಯಮಟ್ಟಕ್ಕೆ ಆಯ್ಕೆಯಾಗಿದ್ದಾರೆ.
ವಿಜ್ಞಾನ ನಾಟಕದ ಮಹತ್ವ
ವಿಜ್ಞಾನ ನಾಟಕವು ಕೇವಲ ಮನರಂಜನೆಗೆ ಮಾತ್ರ ಸೀಮಿತವಾಗಿಲ್ಲ, ವಿದ್ಯಾರ್ಥಿಗಳಲ್ಲಿ ವೈಜ್ಞಾನಿಕ ಮನೋಭಾವ ಬೆಳೆಸುತ್ತದೆ. ಮೂಢನಂಬಿಕೆಗಳ ವಿರುದ್ಧ ಜಾಗೃತಿ ಮೂಡಿಸುವ ಸಾಧನವಾಗಿದೆ. ವಿಜ್ಞಾನದ ತತ್ವಗಳನ್ನು ಸುಲಭವಾಗಿ ಅರ್ಥಮಾಡಿಕೊಳ್ಳಲು ಸಹಕಾರಿಯಾಗಿದೆ. ವಿದ್ಯಾರ್ಥಿಗಳ ಸೃಜನಶೀಲತೆ, ಆತ್ಮವಿಶ್ವಾಸ ಹೆಚ್ಚಿಸುತ್ತದೆ.
